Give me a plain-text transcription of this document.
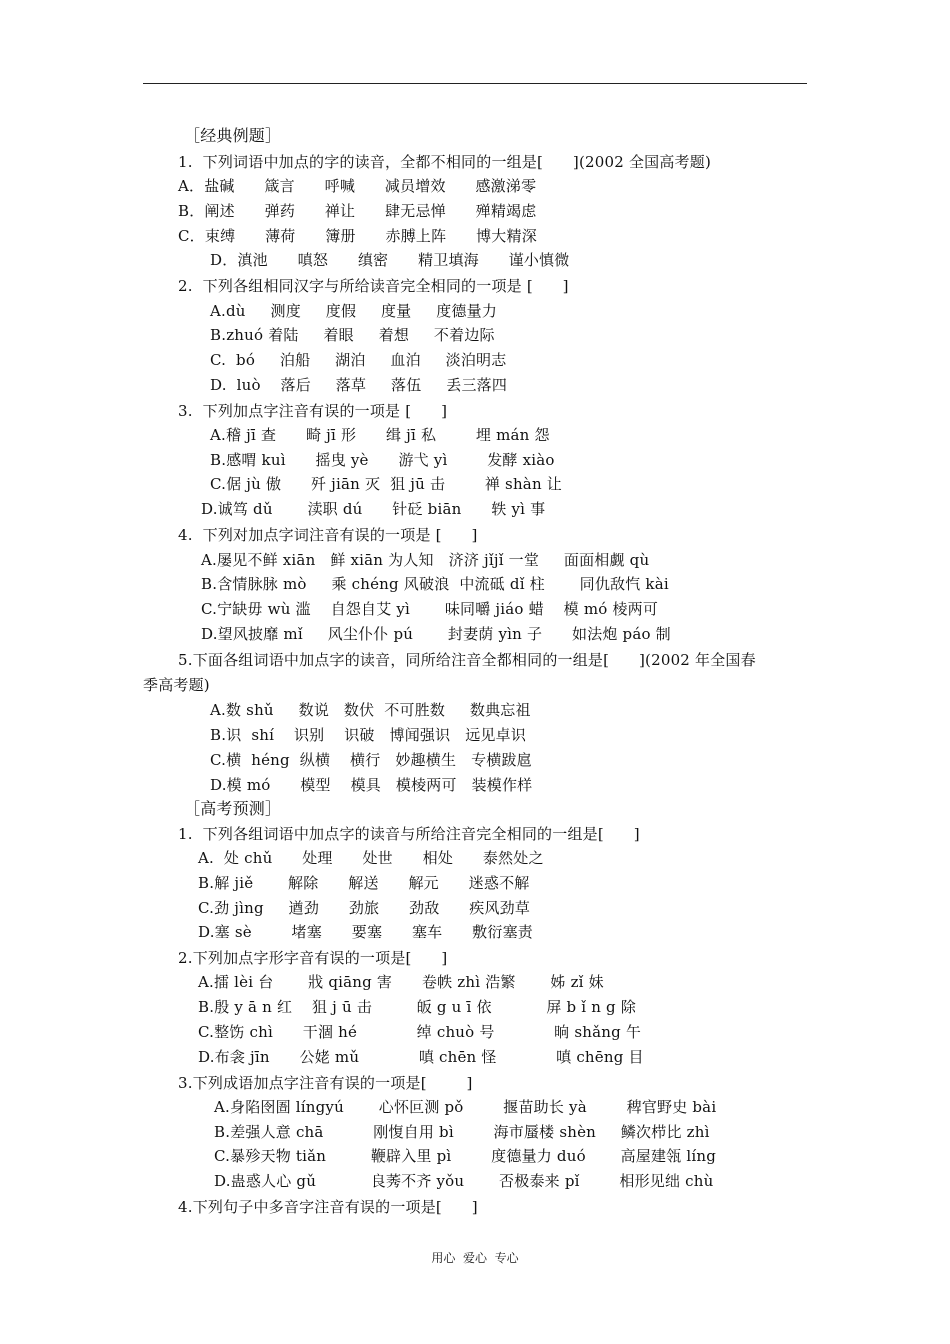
［经典例题］
1.  下列词语中加点的字的读音，全都不相同的一组是[      ](2002 全国高考题)
A．盐碱      箴言      呼喊      减员增效      感激涕零
B．阐述      弹药      禅让      肆无忌惮      殚精竭虑
C．束缚      薄荷      簿册      赤膊上阵      博大精深
D．滇池      嗔怒      缜密      精卫填海      谨小慎微
2.  下列各组相同汉字与所给读音完全相同的一项是 [      ]
A.dù     测度     度假     度量     度德量力
B.zhuó 着陆     着眼     着想     不着边际
C.  bó     泊船     湖泊     血泊     淡泊明志
D.  luò    落后     落草     落伍     丢三落四
3.  下列加点字注音有误的一项是 [      ]
A.稽 jī 查      畸 jī 形      缉 jī 私        埋 mán 怨
B.感喟 kuì      摇曳 yè      游弋 yì        发酵 xiào
C.倨 jù 傲      歼 jiān 灭  狙 jū 击        禅 shàn 让
D.诚笃 dǔ       渎职 dú      针砭 biān      轶 yì 事
4.  下列对加点字词注音有误的一项是 [      ]
A.屡见不鲜 xiān   鲜 xiān 为人知   济济 jǐjǐ 一堂     面面相觑 qù
B.含情脉脉 mò     乘 chéng 风破浪  中流砥 dǐ 柱       同仇敌忾 kài
C.宁缺毋 wù 滥    自怨自艾 yì       味同嚼 jiáo 蜡    模 mó 棱两可
D.望风披靡 mǐ     风尘仆仆 pú       封妻荫 yìn 子      如法炮 páo 制
5.下面各组词语中加点字的读音，同所给注音全都相同的一组是[      ](2002 年全国春
季高考题)
A.数 shǔ     数说   数伏  不可胜数     数典忘祖
B.识  shí    识别    识破   博闻强识   远见卓识
C.横  héng  纵横    横行   妙趣横生   专横跋扈
D.模 mó      模型    模具   模棱两可   装模作样
［高考预测］
1.  下列各组词语中加点字的读音与所给注音完全相同的一组是[      ]
A.  处 chǔ      处理      处世      相处      泰然处之
B.解 jiě       解除      解送      解元      迷惑不解
C.劲 jìng     遒劲      劲旅      劲敌      疾风劲草
D.塞 sè        堵塞      要塞      塞车      敷衍塞责
2.下列加点字形字音有误的一项是[      ]
A.擂 lèi 台       戕 qiāng 害      卷帙 zhì 浩繁       姊 zǐ 妹
B.殷 y ā n 红    狙 j ū 击         皈 g u ī 依           屏 b ǐ n g 除
C.整饬 chì      干涸 hé            绰 chuò 号            晌 shǎng 午
D.布衾 jīn      公姥 mǔ            嗔 chēn 怪            嗔 chēng 目
3.下列成语加点字注音有误的一项是[        ]
A.身陷囹圄 língyú       心怀叵测 pǒ        揠苗助长 yà        稗官野史 bài
B.差强人意 chā          刚愎自用 bì        海市蜃楼 shèn     鳞次栉比 zhì
C.暴殄天物 tiǎn         鞭辟入里 pì        度德量力 duó       高屋建瓴 líng
D.蛊惑人心 gǔ           良莠不齐 yǒu       否极泰来 pǐ        相形见绌 chù
4.下列句子中多音字注音有误的一项是[      ]
用心  爱心  专心
